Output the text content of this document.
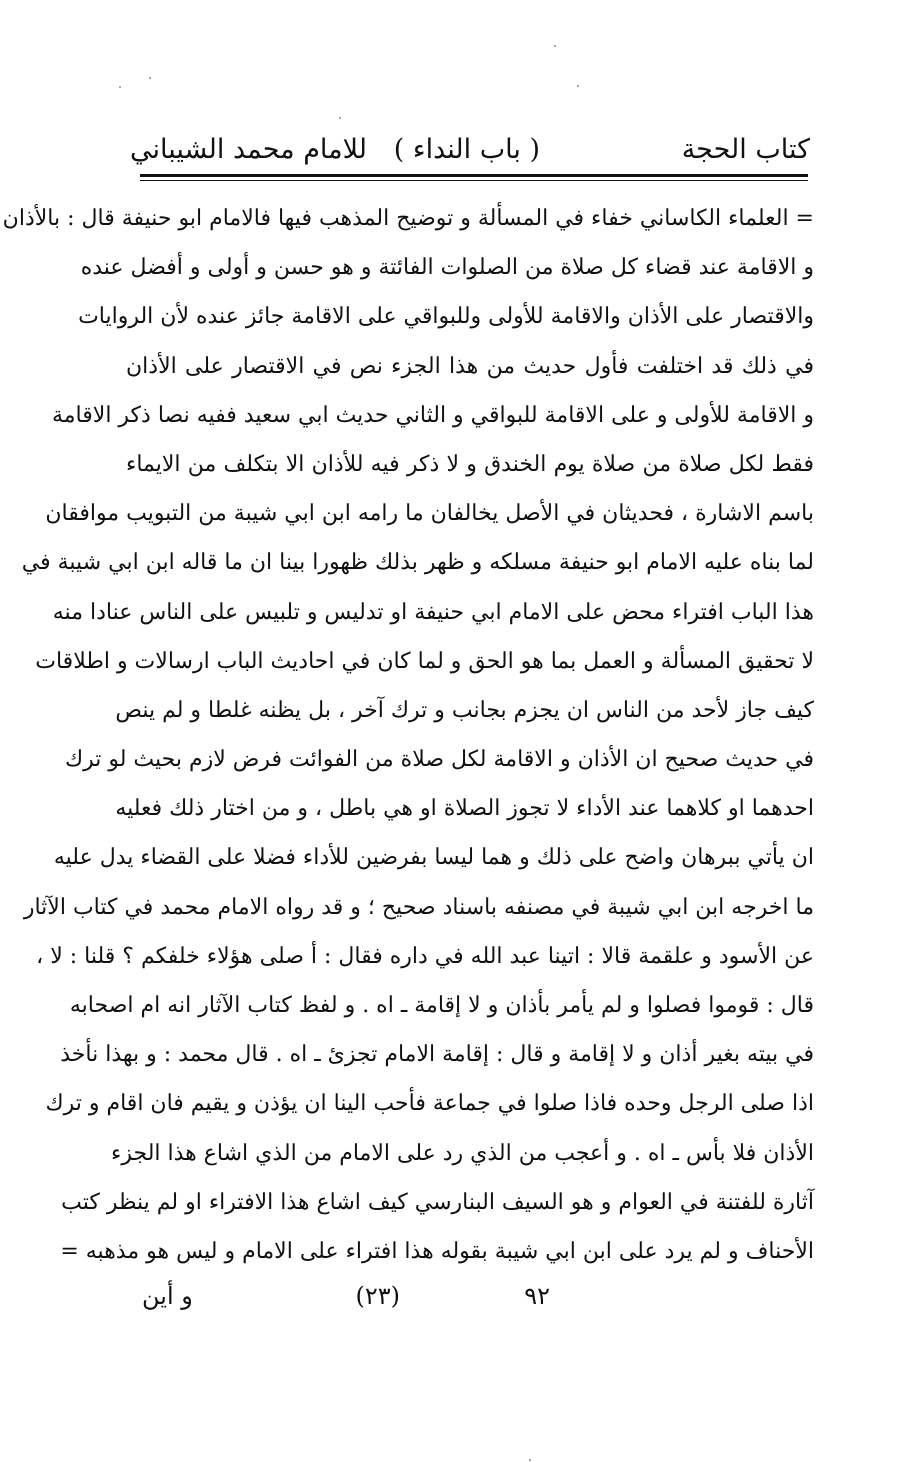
كتاب الحجة
( باب النداء )
للامام محمد الشيباني
= العلماء الكاساني خفاء في المسألة و توضيح المذهب فيها فالامام ابو حنيفة قال : بالأذان
و الاقامة عند قضاء كل صلاة من الصلوات الفائتة و هو حسن و أولى و أفضل عنده
والاقتصار على الأذان والاقامة للأولى وللبواقي على الاقامة جائز عنده لأن الروايات
في ذلك قد اختلفت فأول حديث من هذا الجزء نص في الاقتصار على الأذان
و الاقامة للأولى و على الاقامة للبواقي و الثاني حديث ابي سعيد ففيه نصا ذكر الاقامة
فقط لكل صلاة من صلاة يوم الخندق و لا ذكر فيه للأذان الا بتكلف من الايماء
باسم الاشارة ، فحديثان في الأصل يخالفان ما رامه ابن ابي شيبة من التبويب موافقان
لما بناه عليه الامام ابو حنيفة مسلكه و ظهر بذلك ظهورا بينا ان ما قاله ابن ابي شيبة في
هذا الباب افتراء محض على الامام ابي حنيفة او تدليس و تلبيس على الناس عنادا منه
لا تحقيق المسألة و العمل بما هو الحق و لما كان في احاديث الباب ارسالات و اطلاقات
كيف جاز لأحد من الناس ان يجزم بجانب و ترك آخر ، بل يظنه غلطا و لم ينص
في حديث صحيح ان الأذان و الاقامة لكل صلاة من الفوائت فرض لازم بحيث لو ترك
احدهما او كلاهما عند الأداء لا تجوز الصلاة او هي باطل ، و من اختار ذلك فعليه
ان يأتي ببرهان واضح على ذلك و هما ليسا بفرضين للأداء فضلا على القضاء يدل عليه
ما اخرجه ابن ابي شيبة في مصنفه باسناد صحيح ؛ و قد رواه الامام محمد في كتاب الآثار
عن الأسود و علقمة قالا : اتينا عبد الله في داره فقال : أ صلى هؤلاء خلفكم ؟ قلنا : لا ،
قال : قوموا فصلوا و لم يأمر بأذان و لا إقامة ـ اه . و لفظ كتاب الآثار انه ام اصحابه
في بيته بغير أذان و لا إقامة و قال : إقامة الامام تجزئ ـ اه . قال محمد : و بهذا نأخذ
اذا صلى الرجل وحده فاذا صلوا في جماعة فأحب الينا ان يؤذن و يقيم فان اقام و ترك
الأذان فلا بأس ـ اه . و أعجب من الذي رد على الامام من الذي اشاع هذا الجزء
آثارة للفتنة في العوام و هو السيف البنارسي كيف اشاع هذا الافتراء او لم ينظر كتب
الأحناف و لم يرد على ابن ابي شيبة بقوله هذا افتراء على الامام و ليس هو مذهبه =
٩٢
(٢٣)
و أين
